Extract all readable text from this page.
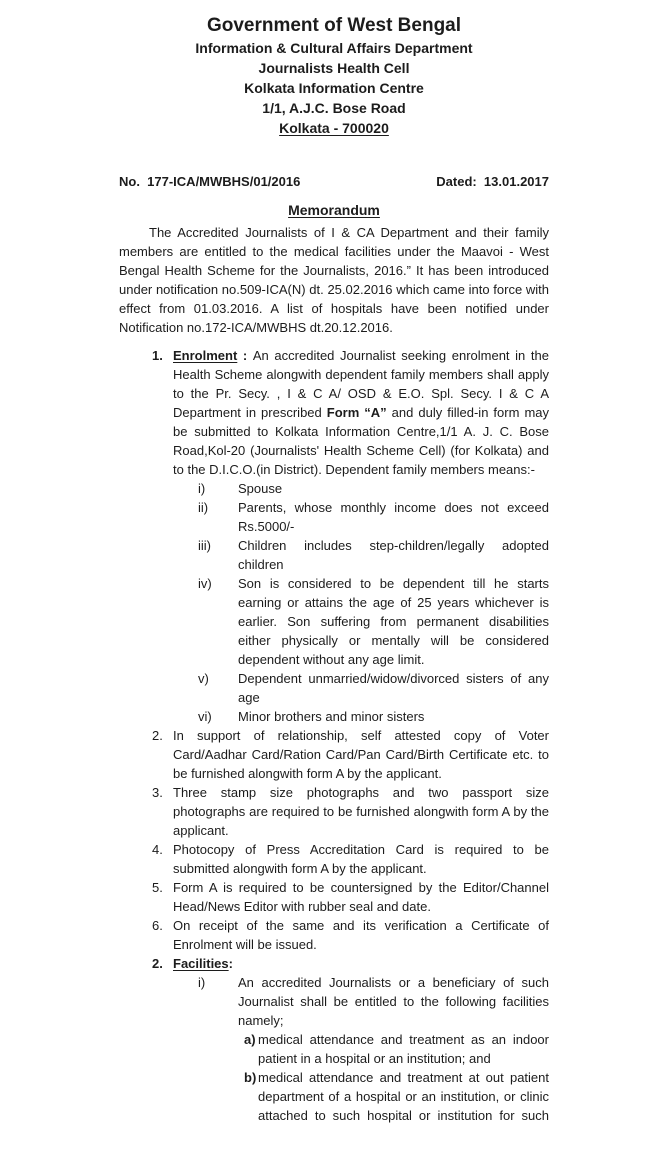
Government of West Bengal
Information & Cultural Affairs Department
Journalists Health Cell
Kolkata Information Centre
1/1, A.J.C. Bose Road
Kolkata - 700020
No.  177-ICA/MWBHS/01/2016	Dated:  13.01.2017
Memorandum

The Accredited Journalists of I & CA Department and their family members are entitled to the medical facilities under the Maavoi - West Bengal Health Scheme for the Journalists, 2016.” It has been introduced under notification no.509-ICA(N) dt. 25.02.2016 which came into force with effect from 01.03.2016. A list of hospitals have been notified under Notification no.172-ICA/MWBHS dt.20.12.2016.

1. Enrolment : An accredited Journalist seeking enrolment in the Health Scheme alongwith dependent family members shall apply to the Pr. Secy. , I & C A/ OSD & E.O. Spl. Secy. I & C A Department in prescribed Form “A” and duly filled-in form may be submitted to Kolkata Information Centre,1/1 A. J. C. Bose Road,Kol-20 (Journalists' Health Scheme Cell) (for Kolkata) and to the D.I.C.O.(in District). Dependent family members means:-
i)	Spouse
ii)	Parents, whose monthly income does not exceed Rs.5000/-
iii)	Children includes step-children/legally adopted children
iv)	Son is considered to be dependent till he starts earning or attains the age of 25 years whichever is earlier. Son suffering from permanent disabilities either physically or mentally will be considered dependent without any age limit.
v)	Dependent unmarried/widow/divorced sisters of any age
vi)	Minor brothers and minor sisters
2. In support of relationship, self attested copy of Voter Card/Aadhar Card/Ration Card/Pan Card/Birth Certificate etc. to be furnished alongwith form A by the applicant.
3. Three stamp size photographs and two passport size photographs are required to be furnished alongwith form A by the applicant.
4. Photocopy of Press Accreditation Card is required to be submitted alongwith form A by the applicant.
5. Form A is required to be countersigned by the Editor/Channel Head/News Editor with rubber seal and date.
6. On receipt of the same and its verification a Certificate of Enrolment will be issued.
2. Facilities:
i)	An accredited Journalists or a beneficiary of such Journalist shall be entitled to the following facilities namely;
a) medical attendance and treatment as an indoor patient in a hospital or an institution; and
b) medical attendance and treatment at out patient department of a hospital or an institution, or clinic attached to such hospital or institution for such
